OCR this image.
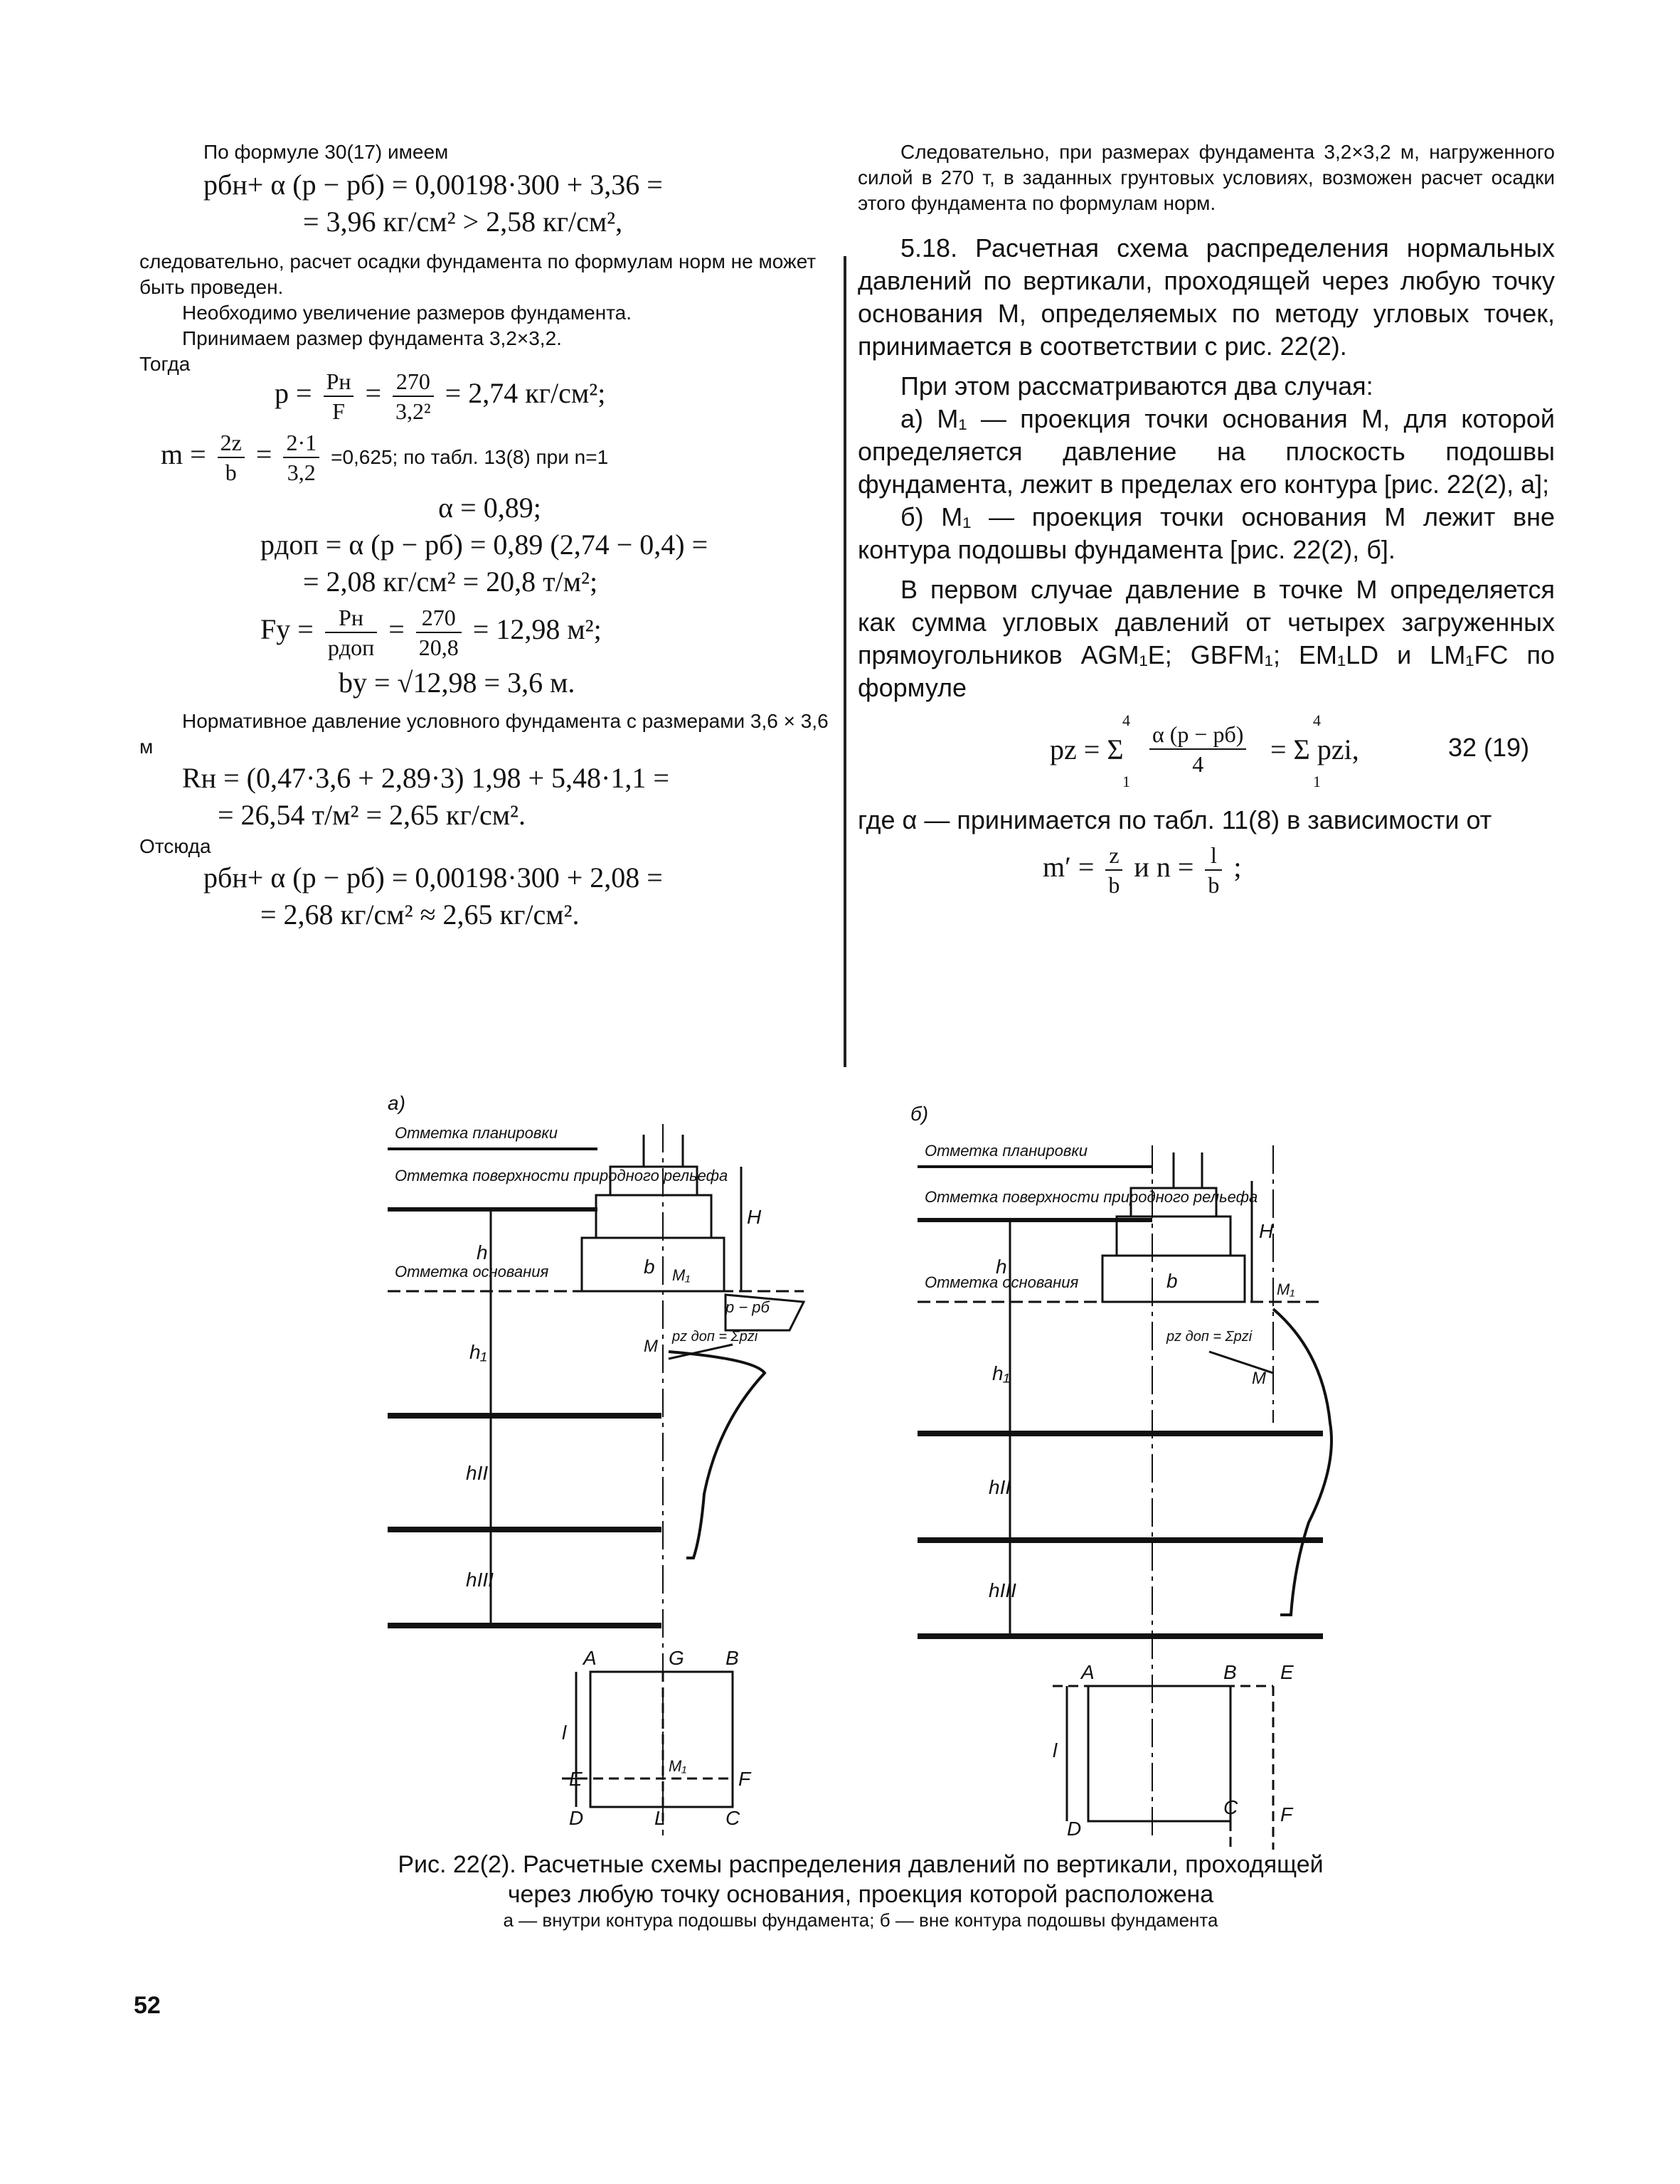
По формуле 30(17) имеем
pбн+ α (p − pб) = 0,00198·300 + 3,36 =
= 3,96 кг/см² > 2,58 кг/см²,

следовательно, расчет осадки фундамента по формулам норм не может быть проведен.

Необходимо увеличение размеров фундамента.

Принимаем размер фундамента 3,2×3,2.

Тогда

$p = \frac{Pн}{F} = \frac{270}{\text{3,2²}} = 2,74$ кг/см²;
$m = \frac{2z}{b} = \frac{2\cdot 1}{3,2} =0,625$; по табл. 13(8) при n=1
α = 0,89;
pдоп = α (p − pб) = 0,89 (2,74 − 0,4) =
= 2,08 кг/см² = 20,8 т/м²;
Fу = $\frac{Pн}{\text{pдоп}} = \frac{270}{20,8} = 12,98$ м²;
bу = √12,98 = 3,6 м.

Нормативное давление условного фундамента с размерами 3,6 × 3,6 м

Rн = (0,47·3,6 + 2,89·3) 1,98 + 5,48·1,1 =
= 26,54 т/м² = 2,65 кг/см².

Отсюда

pбн+ α (p − pб) = 0,00198·300 + 2,08 =
= 2,68 кг/см² ≈ 2,65 кг/см².

Следовательно, при размерах фундамента 3,2×3,2 м, нагруженного силой в 270 т, в заданных грунтовых условиях, возможен расчет осадки этого фундамента по формулам норм.

5.18. Расчетная схема распределения нормальных давлений по вертикали, проходящей через любую точку основания M, определяемых по методу угловых точек, принимается в соответствии с рис. 22(2).

При этом рассматриваются два случая:

а) M₁ — проекция точки основания M, для которой определяется давление на плоскость подошвы фундамента, лежит в пределах его контура [рис. 22(2), а];

б) M₁ — проекция точки основания M лежит вне контура подошвы фундамента [рис. 22(2), б].

В первом случае давление в точке M определяется как сумма угловых давлений от четырех загруженных прямоугольников AGM₁E; GBFM₁; EM₁LD и LM₁FC по формуле

pz = Σ
4
1
α (p − pб)
4	= Σ pzi,
4
1
32 (19)

где α — принимается по табл. 11(8) в зависимости от

$m' = \frac{z}{b}$ и $n = \frac{l}{b}$ ;
а)
Отметка планировки
Отметка поверхности природного рельефа
Отметка основания	b
h
H
h₁
hII
hIII
M₁
M
p − pб
pz доп = Σpzi
A	G B
E	F
D	C
L
M₁
l
б)
Отметка планировки
Отметка поверхности природного рельефа
Отметка основания	b
h
H
h₁
hII
hIII
M₁
M
pz доп = Σpzi
A	B E
C F
D
l
Рис. 22(2). Расчетные схемы распределения давлений по вертикали, проходящей через любую точку основания, проекция которой расположена
а — внутри контура подошвы фундамента; б — вне контура подошвы фундамента
52
